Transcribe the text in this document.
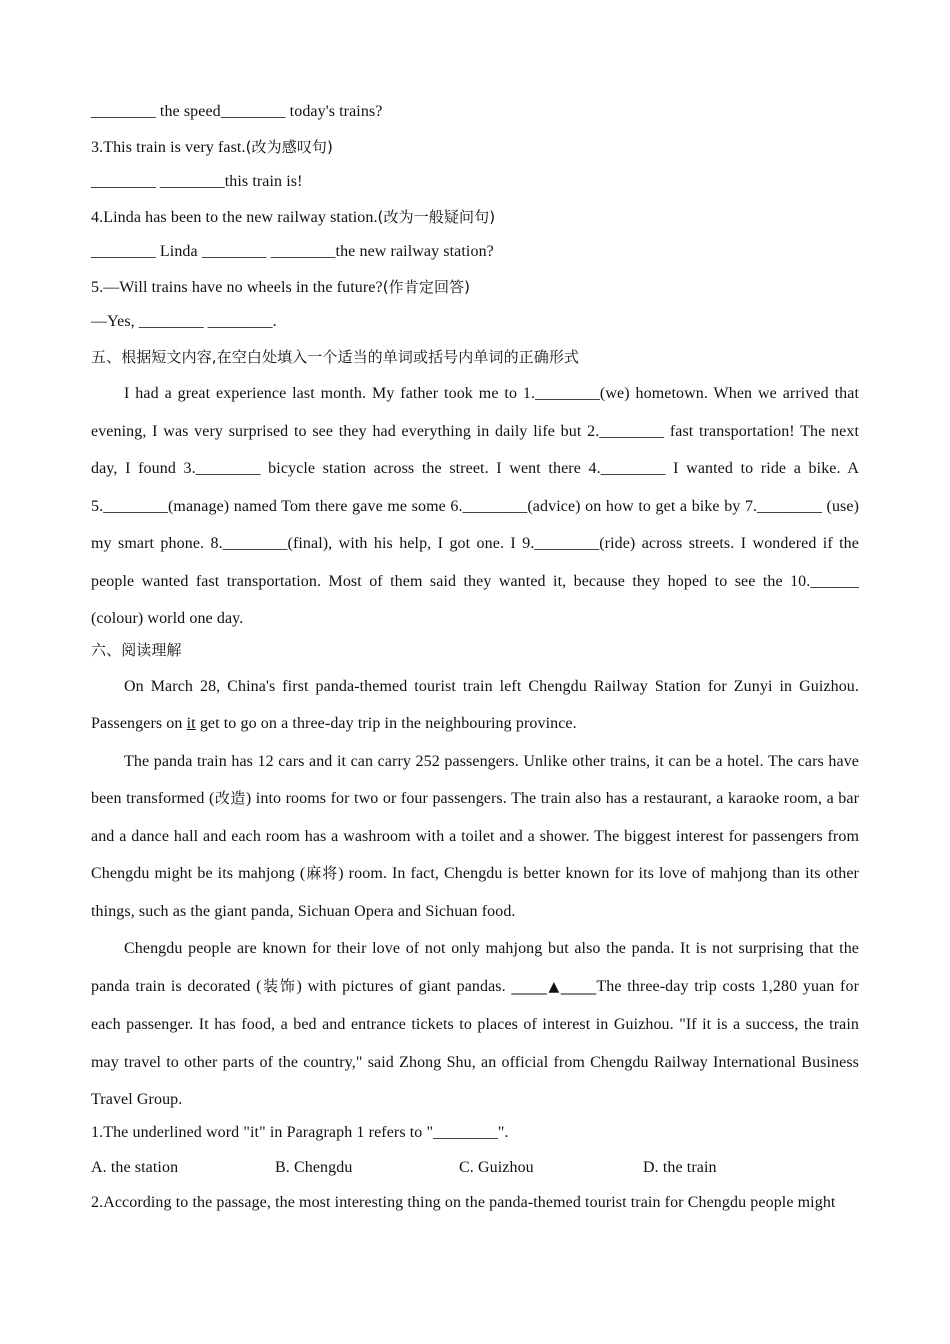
________ the speed________ today's trains?
3.This train is very fast.(改为感叹句)
________ ________this train is!
4.Linda has been to the new railway station.(改为一般疑问句)
________ Linda ________ ________the new railway station?
5.—Will trains have no wheels in the future?(作肯定回答)
—Yes, ________ ________.
五、根据短文内容,在空白处填入一个适当的单词或括号内单词的正确形式

I had a great experience last month. My father took me to 1.________(we) hometown. When we arrived that evening, I was very surprised to see they had everything in daily life but 2.________ fast transportation! The next day, I found 3.________ bicycle station across the street. I went there 4.________ I wanted to ride a bike. A 5.________(manage) named Tom there gave me some 6.________(advice) on how to get a bike by 7.________ (use) my smart phone. 8.________(final), with his help, I got one. I 9.________(ride) across streets. I wondered if the people wanted fast transportation. Most of them said they wanted it, because they hoped to see the 10.______ (colour) world one day.

六、阅读理解

On March 28, China's first panda-themed tourist train left Chengdu Railway Station for Zunyi in Guizhou. Passengers on it get to go on a three-day trip in the neighbouring province.

The panda train has 12 cars and it can carry 252 passengers. Unlike other trains, it can be a hotel. The cars have been transformed (改造) into rooms for two or four passengers. The train also has a restaurant, a karaoke room, a bar and a dance hall and each room has a washroom with a toilet and a shower. The biggest interest for passengers from Chengdu might be its mahjong (麻将) room. In fact, Chengdu is better known for its love of mahjong than its other things, such as the giant panda, Sichuan Opera and Sichuan food.

Chengdu people are known for their love of not only mahjong but also the panda. It is not surprising that the panda train is decorated (装饰) with pictures of giant pandas. _____▲_____The three-day trip costs 1,280 yuan for each passenger. It has food, a bed and entrance tickets to places of interest in Guizhou. "If it is a success, the train may travel to other parts of the country," said Zhong Shu, an official from Chengdu Railway International Business Travel Group.

1.The underlined word "it" in Paragraph 1 refers to "________".
A. the station	B. Chengdu	C. Guizhou	D. the train
2.According to the passage, the most interesting thing on the panda-themed tourist train for Chengdu people might
